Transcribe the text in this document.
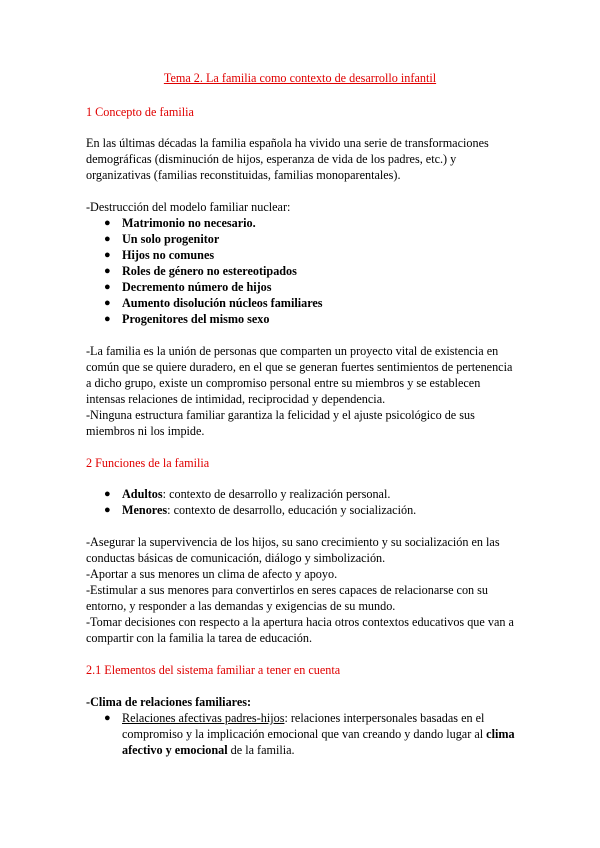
Tema 2. La familia como contexto de desarrollo infantil
1 Concepto de familia
En las últimas décadas la familia española ha vivido una serie de transformaciones
demográficas (disminución de hijos, esperanza de vida de los padres, etc.) y
organizativas (familias reconstituidas, familias monoparentales).
-Destrucción del modelo familiar nuclear:
● Matrimonio no necesario.
● Un solo progenitor
● Hijos no comunes
● Roles de género no estereotipados
● Decremento número de hijos
● Aumento disolución núcleos familiares
● Progenitores del mismo sexo
-La familia es la unión de personas que comparten un proyecto vital de existencia en
común que se quiere duradero, en el que se generan fuertes sentimientos de pertenencia
a dicho grupo, existe un compromiso personal entre su miembros y se establecen
intensas relaciones de intimidad, reciprocidad y dependencia.
-Ninguna estructura familiar garantiza la felicidad y el ajuste psicológico de sus
miembros ni los impide.
2 Funciones de la familia
● Adultos: contexto de desarrollo y realización personal.
● Menores: contexto de desarrollo, educación y socialización.
-Asegurar la supervivencia de los hijos, su sano crecimiento y su socialización en las
conductas básicas de comunicación, diálogo y simbolización.
-Aportar a sus menores un clima de afecto y apoyo.
-Estimular a sus menores para convertirlos en seres capaces de relacionarse con su
entorno, y responder a las demandas y exigencias de su mundo.
-Tomar decisiones con respecto a la apertura hacia otros contextos educativos que van a
compartir con la familia la tarea de educación.
2.1 Elementos del sistema familiar a tener en cuenta
-Clima de relaciones familiares:
● Relaciones afectivas padres-hijos: relaciones interpersonales basadas en el
compromiso y la implicación emocional que van creando y dando lugar al clima
afectivo y emocional de la familia.
